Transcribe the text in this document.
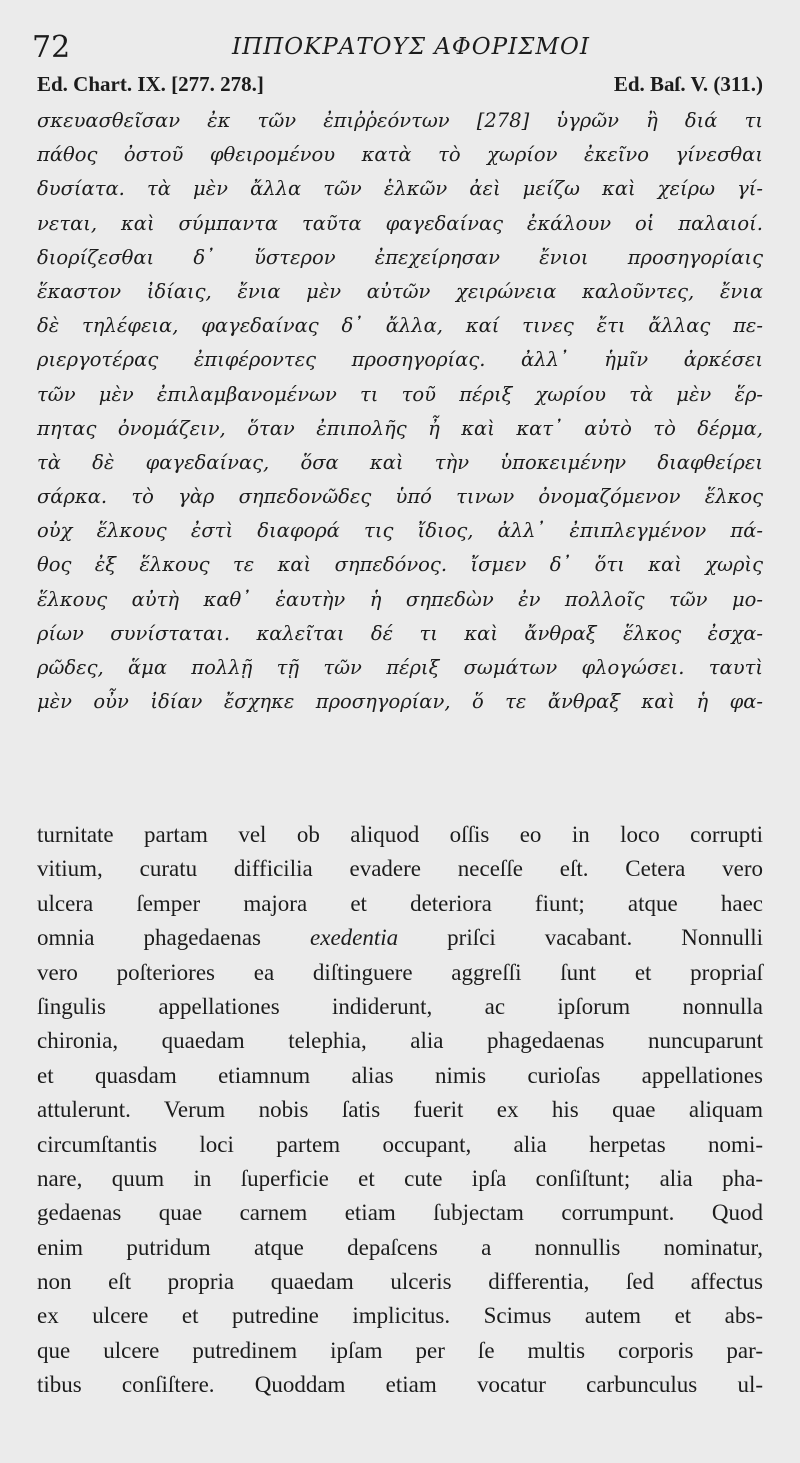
72	ΙΠΠΟΚΡΑΤΟΥΣ ΑΦΟΡΙΣΜΟΙ
Ed. Chart. IX. [277. 278.]	Ed. Baſ. V. (311.)
σκευασθεῖσαν ἐκ τῶν ἐπιῤῥεόντων [278] ὑγρῶν ἢ διά τι
πάθος ὀστοῦ φθειρομένου κατὰ τὸ χωρίον ἐκεῖνο γίνεσθαι
δυσίατα. τὰ μὲν ἄλλα τῶν ἑλκῶν ἀεὶ μείζω καὶ χείρω γί-
νεται, καὶ σύμπαντα ταῦτα φαγεδαίνας ἐκάλουν οἱ παλαιοί.
διορίζεσθαι δ᾽ ὕστερον ἐπεχείρησαν ἔνιοι προσηγορίαις
ἕκαστον ἰδίαις, ἔνια μὲν αὐτῶν χειρώνεια καλοῦντες, ἔνια
δὲ τηλέφεια, φαγεδαίνας δ᾽ ἄλλα, καί τινες ἔτι ἄλλας πε-
ριεργοτέρας ἐπιφέροντες προσηγορίας. ἀλλ᾽ ἡμῖν ἀρκέσει
τῶν μὲν ἐπιλαμβανομένων τι τοῦ πέριξ χωρίου τὰ μὲν ἕρ-
πητας ὀνομάζειν, ὅταν ἐπιπολῆς ἦ καὶ κατ᾽ αὐτὸ τὸ δέρμα,
τὰ δὲ φαγεδαίνας, ὅσα καὶ τὴν ὑποκειμένην διαφθείρει
σάρκα. τὸ γὰρ σηπεδονῶδες ὑπό τινων ὀνομαζόμενον ἕλκος
οὐχ ἕλκους ἐστὶ διαφορά τις ἴδιος, ἀλλ᾽ ἐπιπλεγμένον πά-
θος ἐξ ἕλκους τε καὶ σηπεδόνος. ἴσμεν δ᾽ ὅτι καὶ χωρὶς
ἕλκους αὐτὴ καθ᾽ ἑαυτὴν ἡ σηπεδὼν ἐν πολλοῖς τῶν μο-
ρίων συνίσταται. καλεῖται δέ τι καὶ ἄνθραξ ἕλκος ἐσχα-
ρῶδες, ἅμα πολλῇ τῇ τῶν πέριξ σωμάτων φλογώσει. ταυτὶ
μὲν οὖν ἰδίαν ἔσχηκε προσηγορίαν, ὅ τε ἄνθραξ καὶ ἡ φα-
turnitate partam vel ob aliquod oſſis eo in loco corrupti
vitium, curatu difficilia evadere neceſſe eſt. Cetera vero
ulcera ſemper majora et deteriora fiunt; atque haec
omnia phagedaenas exedentia priſci vacabant. Nonnulli
vero poſteriores ea diſtinguere aggreſſi ſunt et propriaſ
ſingulis appellationes indiderunt, ac ipſorum nonnulla
chironia, quaedam telephia, alia phagedaenas nuncuparunt
et quasdam etiamnum alias nimis curioſas appellationes
attulerunt. Verum nobis ſatis fuerit ex his quae aliquam
circumſtantis loci partem occupant, alia herpetas nomi-
nare, quum in ſuperficie et cute ipſa conſiſtunt; alia pha-
gedaenas quae carnem etiam ſubjectam corrumpunt. Quod
enim putridum atque depaſcens a nonnullis nominatur,
non eſt propria quaedam ulceris differentia, ſed affectus
ex ulcere et putredine implicitus. Scimus autem et abs-
que ulcere putredinem ipſam per ſe multis corporis par-
tibus conſiſtere. Quoddam etiam vocatur carbunculus ul-
